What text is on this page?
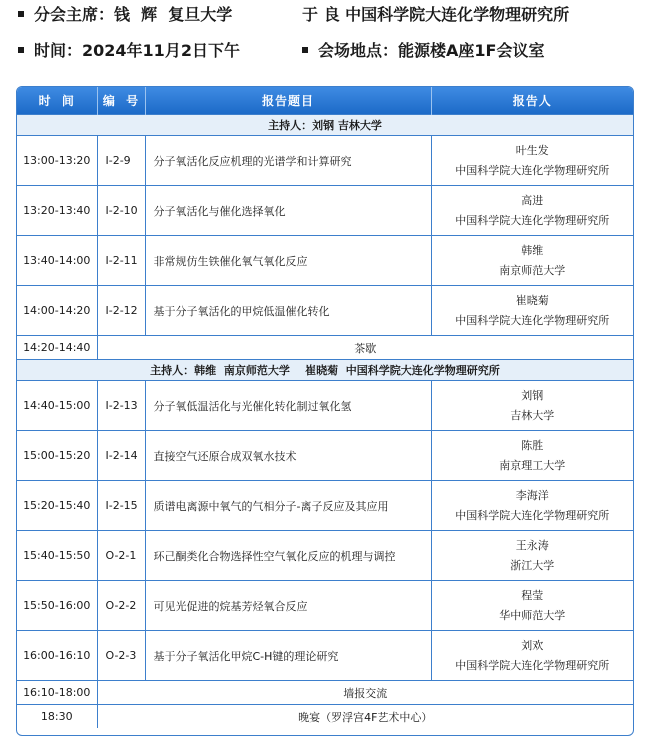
分会主席：钱  辉  复旦大学	于 良 中国科学院大连化学物理研究所
时间：2024年11月2日下午	会场地点：能源楼A座1F会议室
时  间	编  号	报告题目	报告人
主持人：刘钢 吉林大学			
13:00-13:20	I-2-9	分子氧活化反应机理的光谱学和计算研究	叶生发
中国科学院大连化学物理研究所

13:20-13:40	I-2-10	分子氧活化与催化选择氧化	高进
中国科学院大连化学物理研究所

13:40-14:00	I-2-11	非常规仿生铁催化氧气氧化反应	韩维
南京师范大学

14:00-14:20	I-2-12	基于分子氧活化的甲烷低温催化转化	崔晓菊
中国科学院大连化学物理研究所

14:20-14:40	茶歇		
主持人：韩维  南京师范大学    崔晓菊  中国科学院大连化学物理研究所			
14:40-15:00	I-2-13	分子氧低温活化与光催化转化制过氧化氢	刘钢
吉林大学

15:00-15:20	I-2-14	直接空气还原合成双氧水技术	陈胜
南京理工大学

15:20-15:40	I-2-15	质谱电离源中氧气的气相分子-离子反应及其应用	李海洋
中国科学院大连化学物理研究所

15:40-15:50	O-2-1	环己酮类化合物选择性空气氧化反应的机理与调控	王永涛
浙江大学

15:50-16:00	O-2-2	可见光促进的烷基芳烃氧合反应	程莹
华中师范大学

16:00-16:10	O-2-3	基于分子氧活化甲烷C-H键的理论研究	刘欢
中国科学院大连化学物理研究所

16:10-18:00	墙报交流		
18:30	晚宴（罗浮宫4F艺术中心）		
